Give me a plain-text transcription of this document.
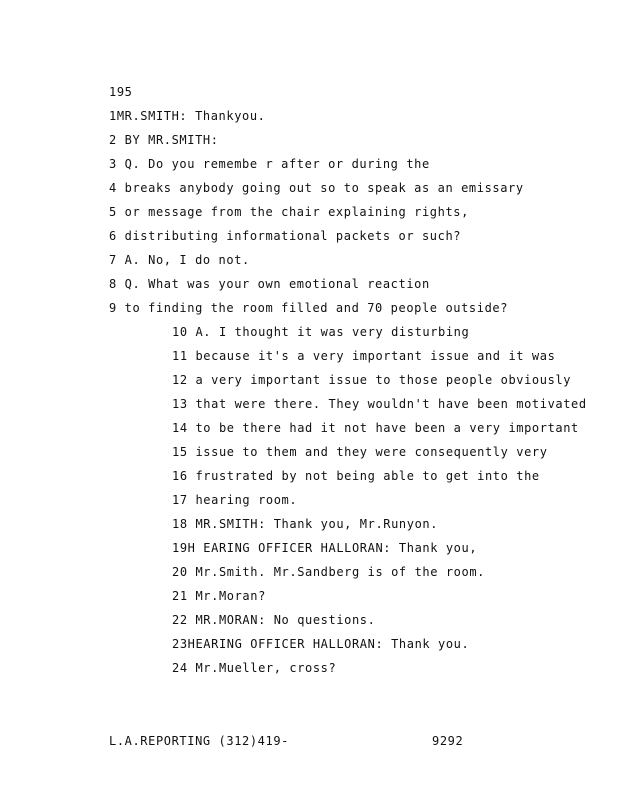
195
1MR.SMITH: Thankyou.
2 BY MR.SMITH:
3 Q. Do you remembe r after or during the
4 breaks anybody going out so to speak as an emissary
5 or message from the chair explaining rights,
6 distributing informational packets or such?
7 A. No, I do not.
8 Q. What was your own emotional reaction
9 to finding the room filled and 70 people outside?
10 A. I thought it was very disturbing
11 because it's a very important issue and it was
12 a very important issue to those people obviously
13 that were there. They wouldn't have been motivated
14 to be there had it not have been a very important
15 issue to them and they were consequently very
16 frustrated by not being able to get into the
17 hearing room.
18 MR.SMITH: Thank you, Mr.Runyon.
19H EARING OFFICER HALLORAN: Thank you,
20 Mr.Smith. Mr.Sandberg is of the room.
21 Mr.Moran?
22 MR.MORAN: No questions.
23HEARING OFFICER HALLORAN: Thank you.
24 Mr.Mueller, cross?
L.A.REPORTING (312)419-	9292
